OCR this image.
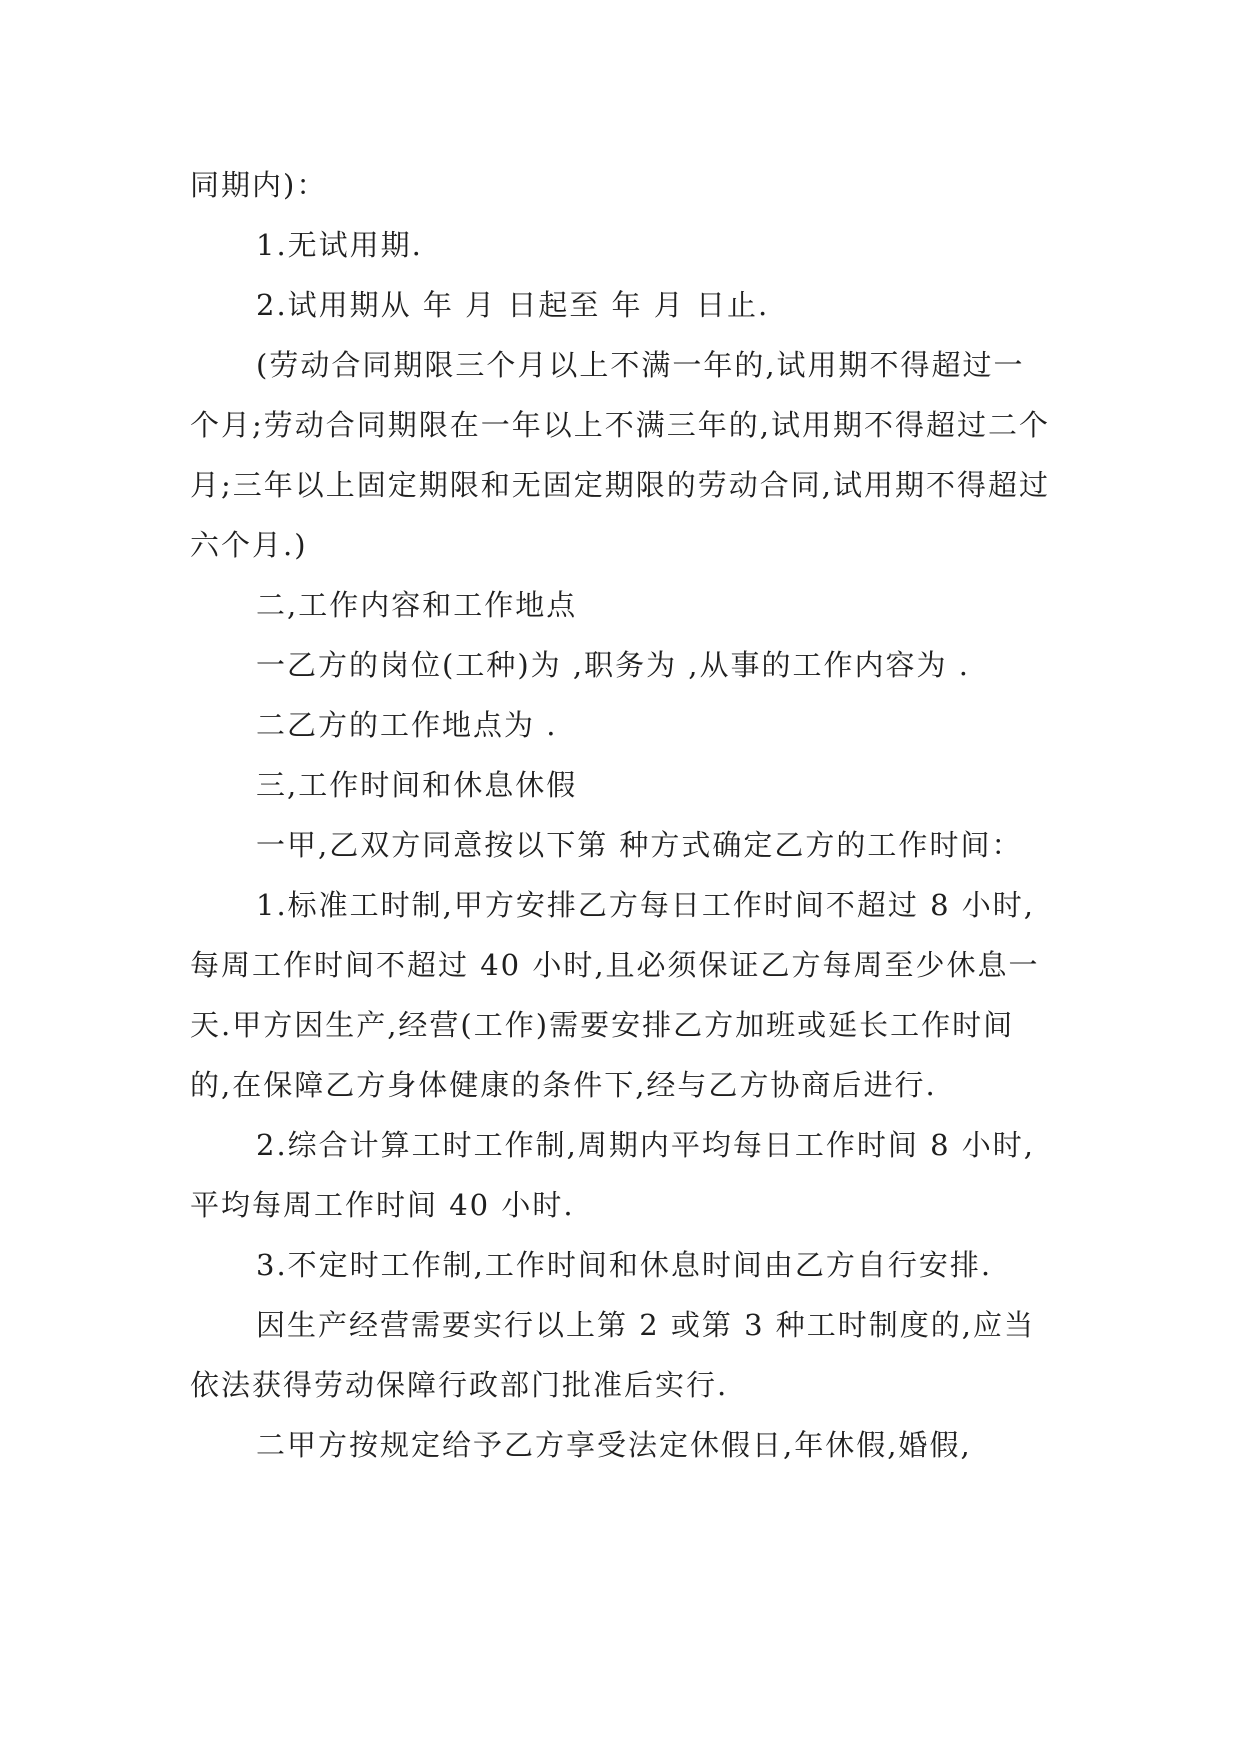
同期内)：

1.无试用期.

2.试用期从 年 月 日起至 年 月 日止.

(劳动合同期限三个月以上不满一年的,试用期不得超过一个月;劳动合同期限在一年以上不满三年的,试用期不得超过二个月;三年以上固定期限和无固定期限的劳动合同,试用期不得超过六个月.)

二,工作内容和工作地点

一乙方的岗位(工种)为 ,职务为 ,从事的工作内容为 .

二乙方的工作地点为 .

三,工作时间和休息休假

一甲,乙双方同意按以下第 种方式确定乙方的工作时间：

1.标准工时制,甲方安排乙方每日工作时间不超过 8 小时,每周工作时间不超过 40 小时,且必须保证乙方每周至少休息一天.甲方因生产,经营(工作)需要安排乙方加班或延长工作时间的,在保障乙方身体健康的条件下,经与乙方协商后进行.

2.综合计算工时工作制,周期内平均每日工作时间 8 小时,平均每周工作时间 40 小时.

3.不定时工作制,工作时间和休息时间由乙方自行安排.

因生产经营需要实行以上第 2 或第 3 种工时制度的,应当依法获得劳动保障行政部门批准后实行.

二甲方按规定给予乙方享受法定休假日,年休假,婚假,
